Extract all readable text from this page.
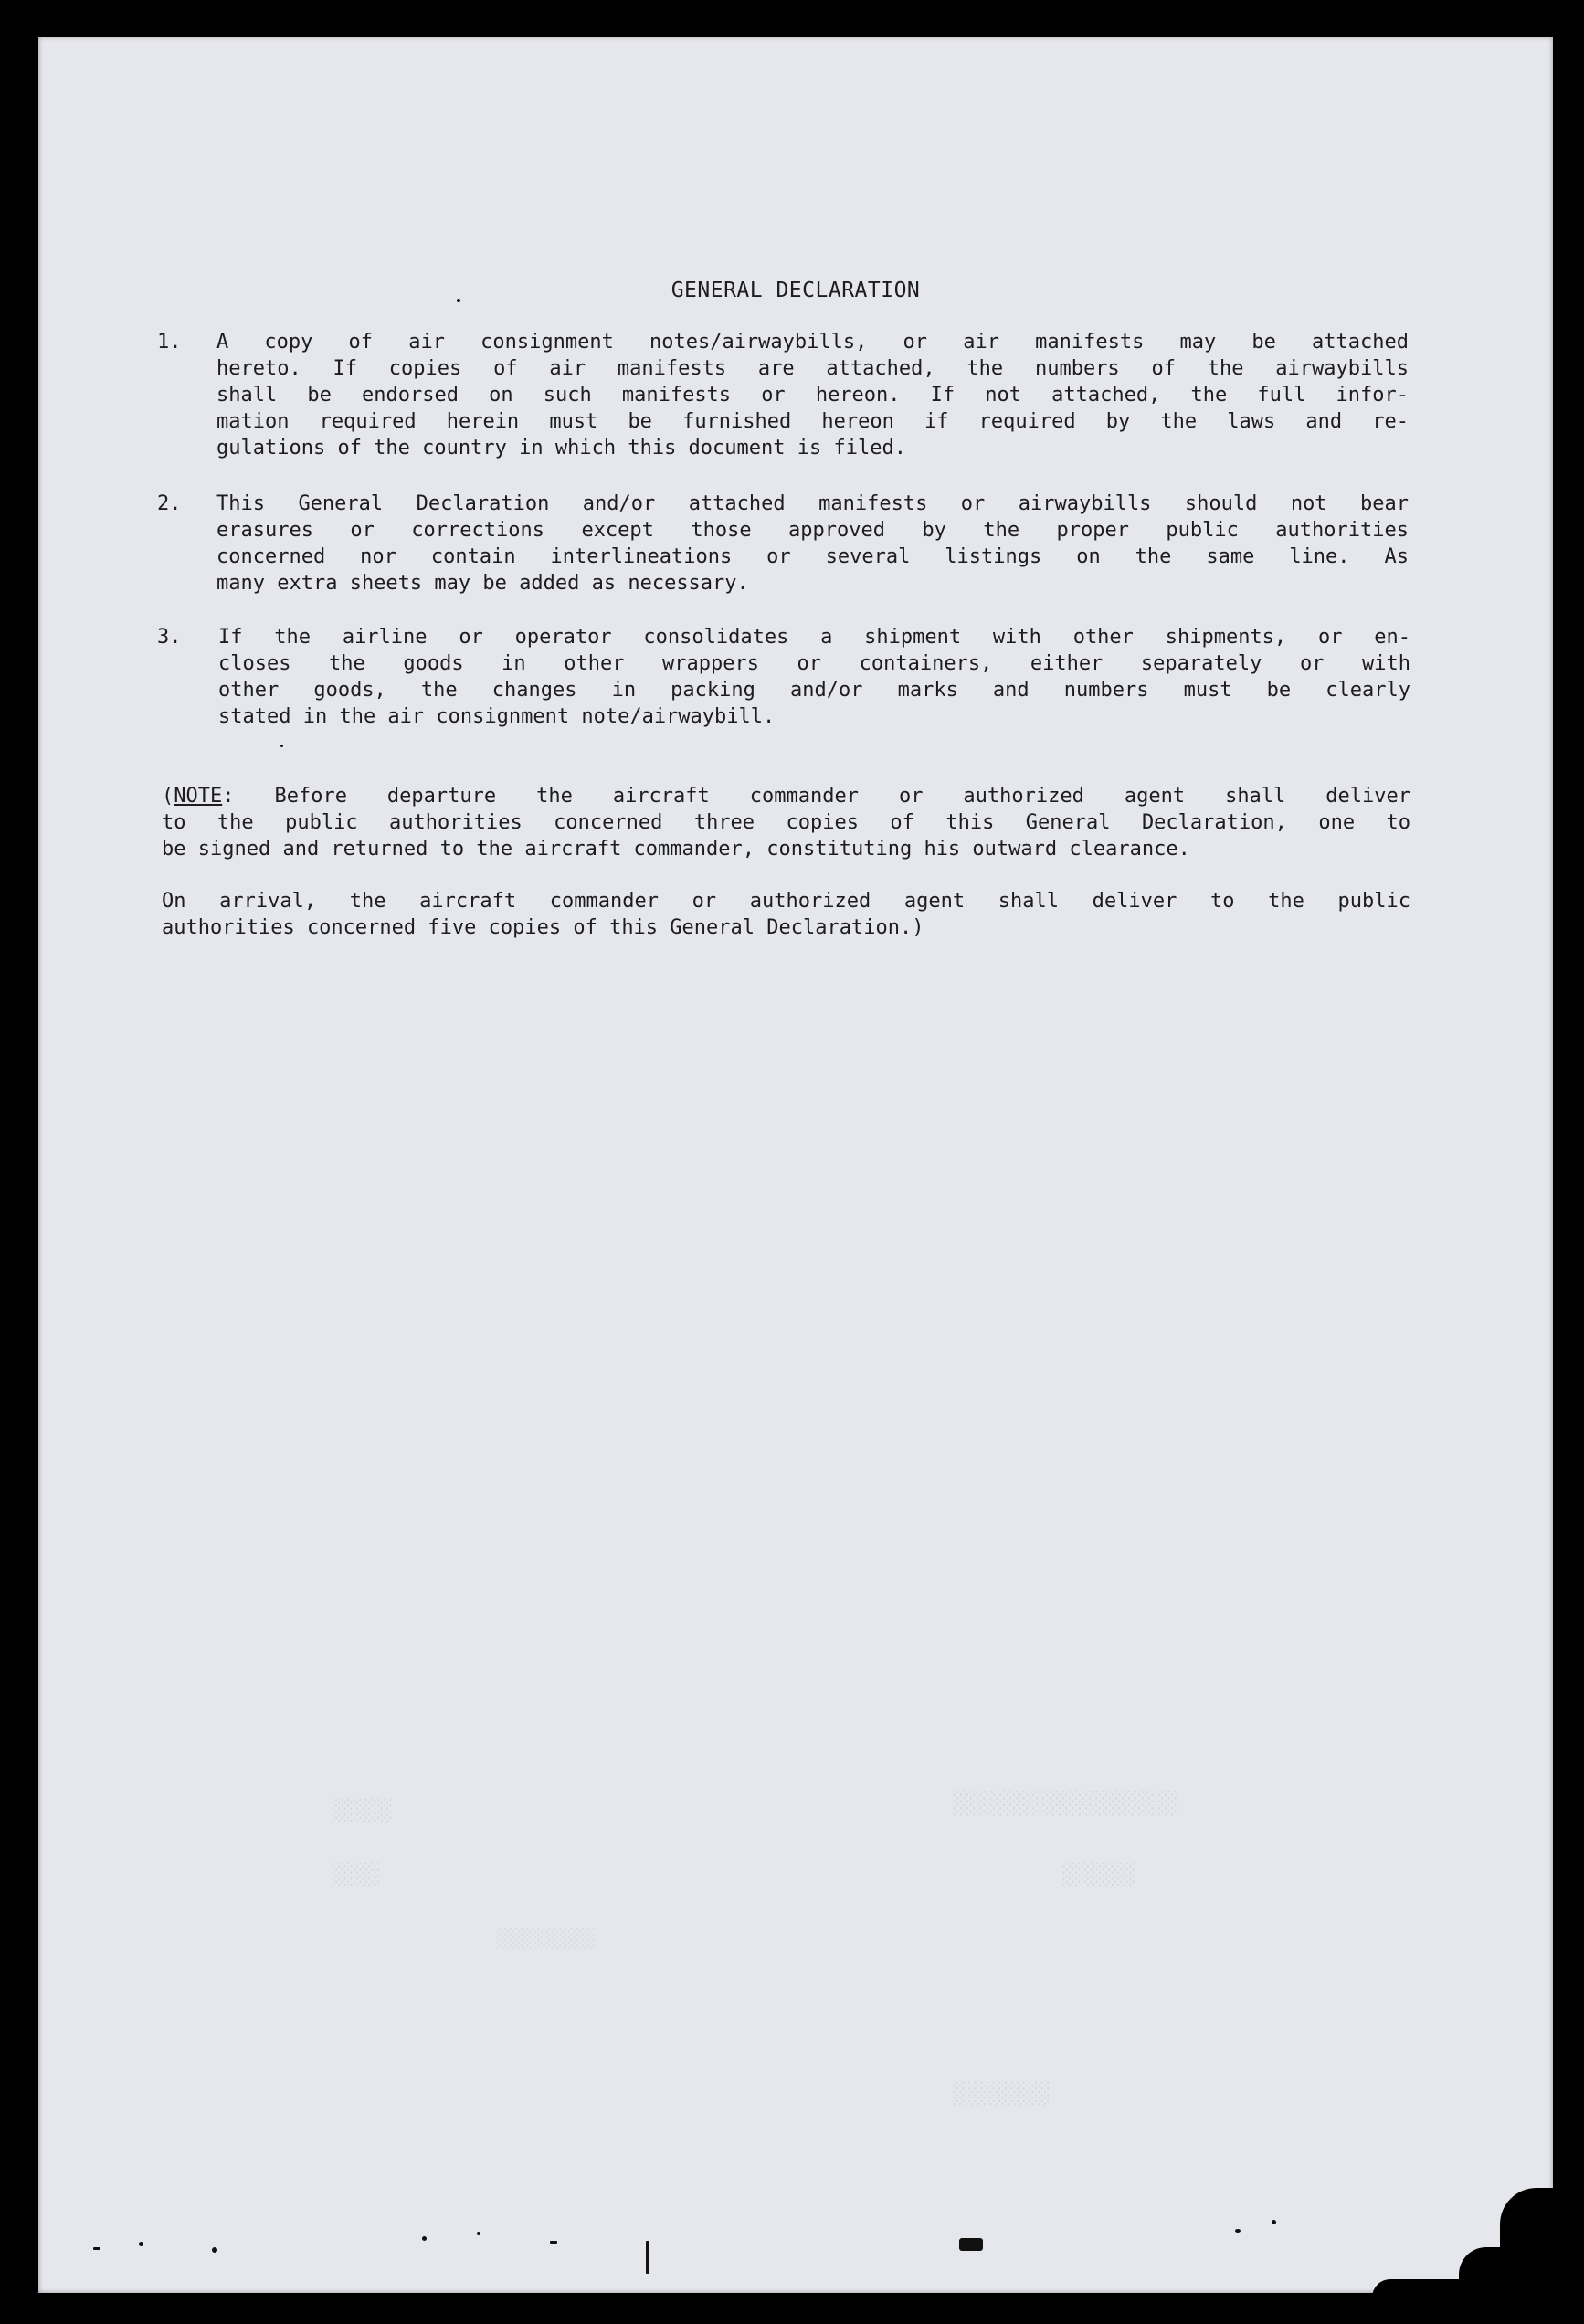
░░░░░░░░░░░░░░░░░
░░░░░░
░░░░░
░░░░
░░░░░░░░░
░░░░░░░░
GENERAL DECLARATION
1. A copy of air consignment notes/airwaybills, or air manifests may be attached
hereto. If copies of air manifests are attached, the numbers of the airwaybills
shall be endorsed on such manifests or hereon. If not attached, the full infor-
mation required herein must be furnished hereon if required by the laws and re-
gulations of the country in which this document is filed.
2. This General Declaration and/or attached manifests or airwaybills should not bear
erasures or corrections except those approved by the proper public authorities
concerned nor contain interlineations or several listings on the same line. As
many extra sheets may be added as necessary.
3. If the airline or operator consolidates a shipment with other shipments, or en-
closes the goods in other wrappers or containers, either separately or with
other goods, the changes in packing and/or marks and numbers must be clearly
stated in the air consignment note/airwaybill.
(NOTE: Before departure the aircraft commander or authorized agent shall deliver
to the public authorities concerned three copies of this General Declaration, one to
be signed and returned to the aircraft commander, constituting his outward clearance.
On arrival, the aircraft commander or authorized agent shall deliver to the public
authorities concerned five copies of this General Declaration.)
